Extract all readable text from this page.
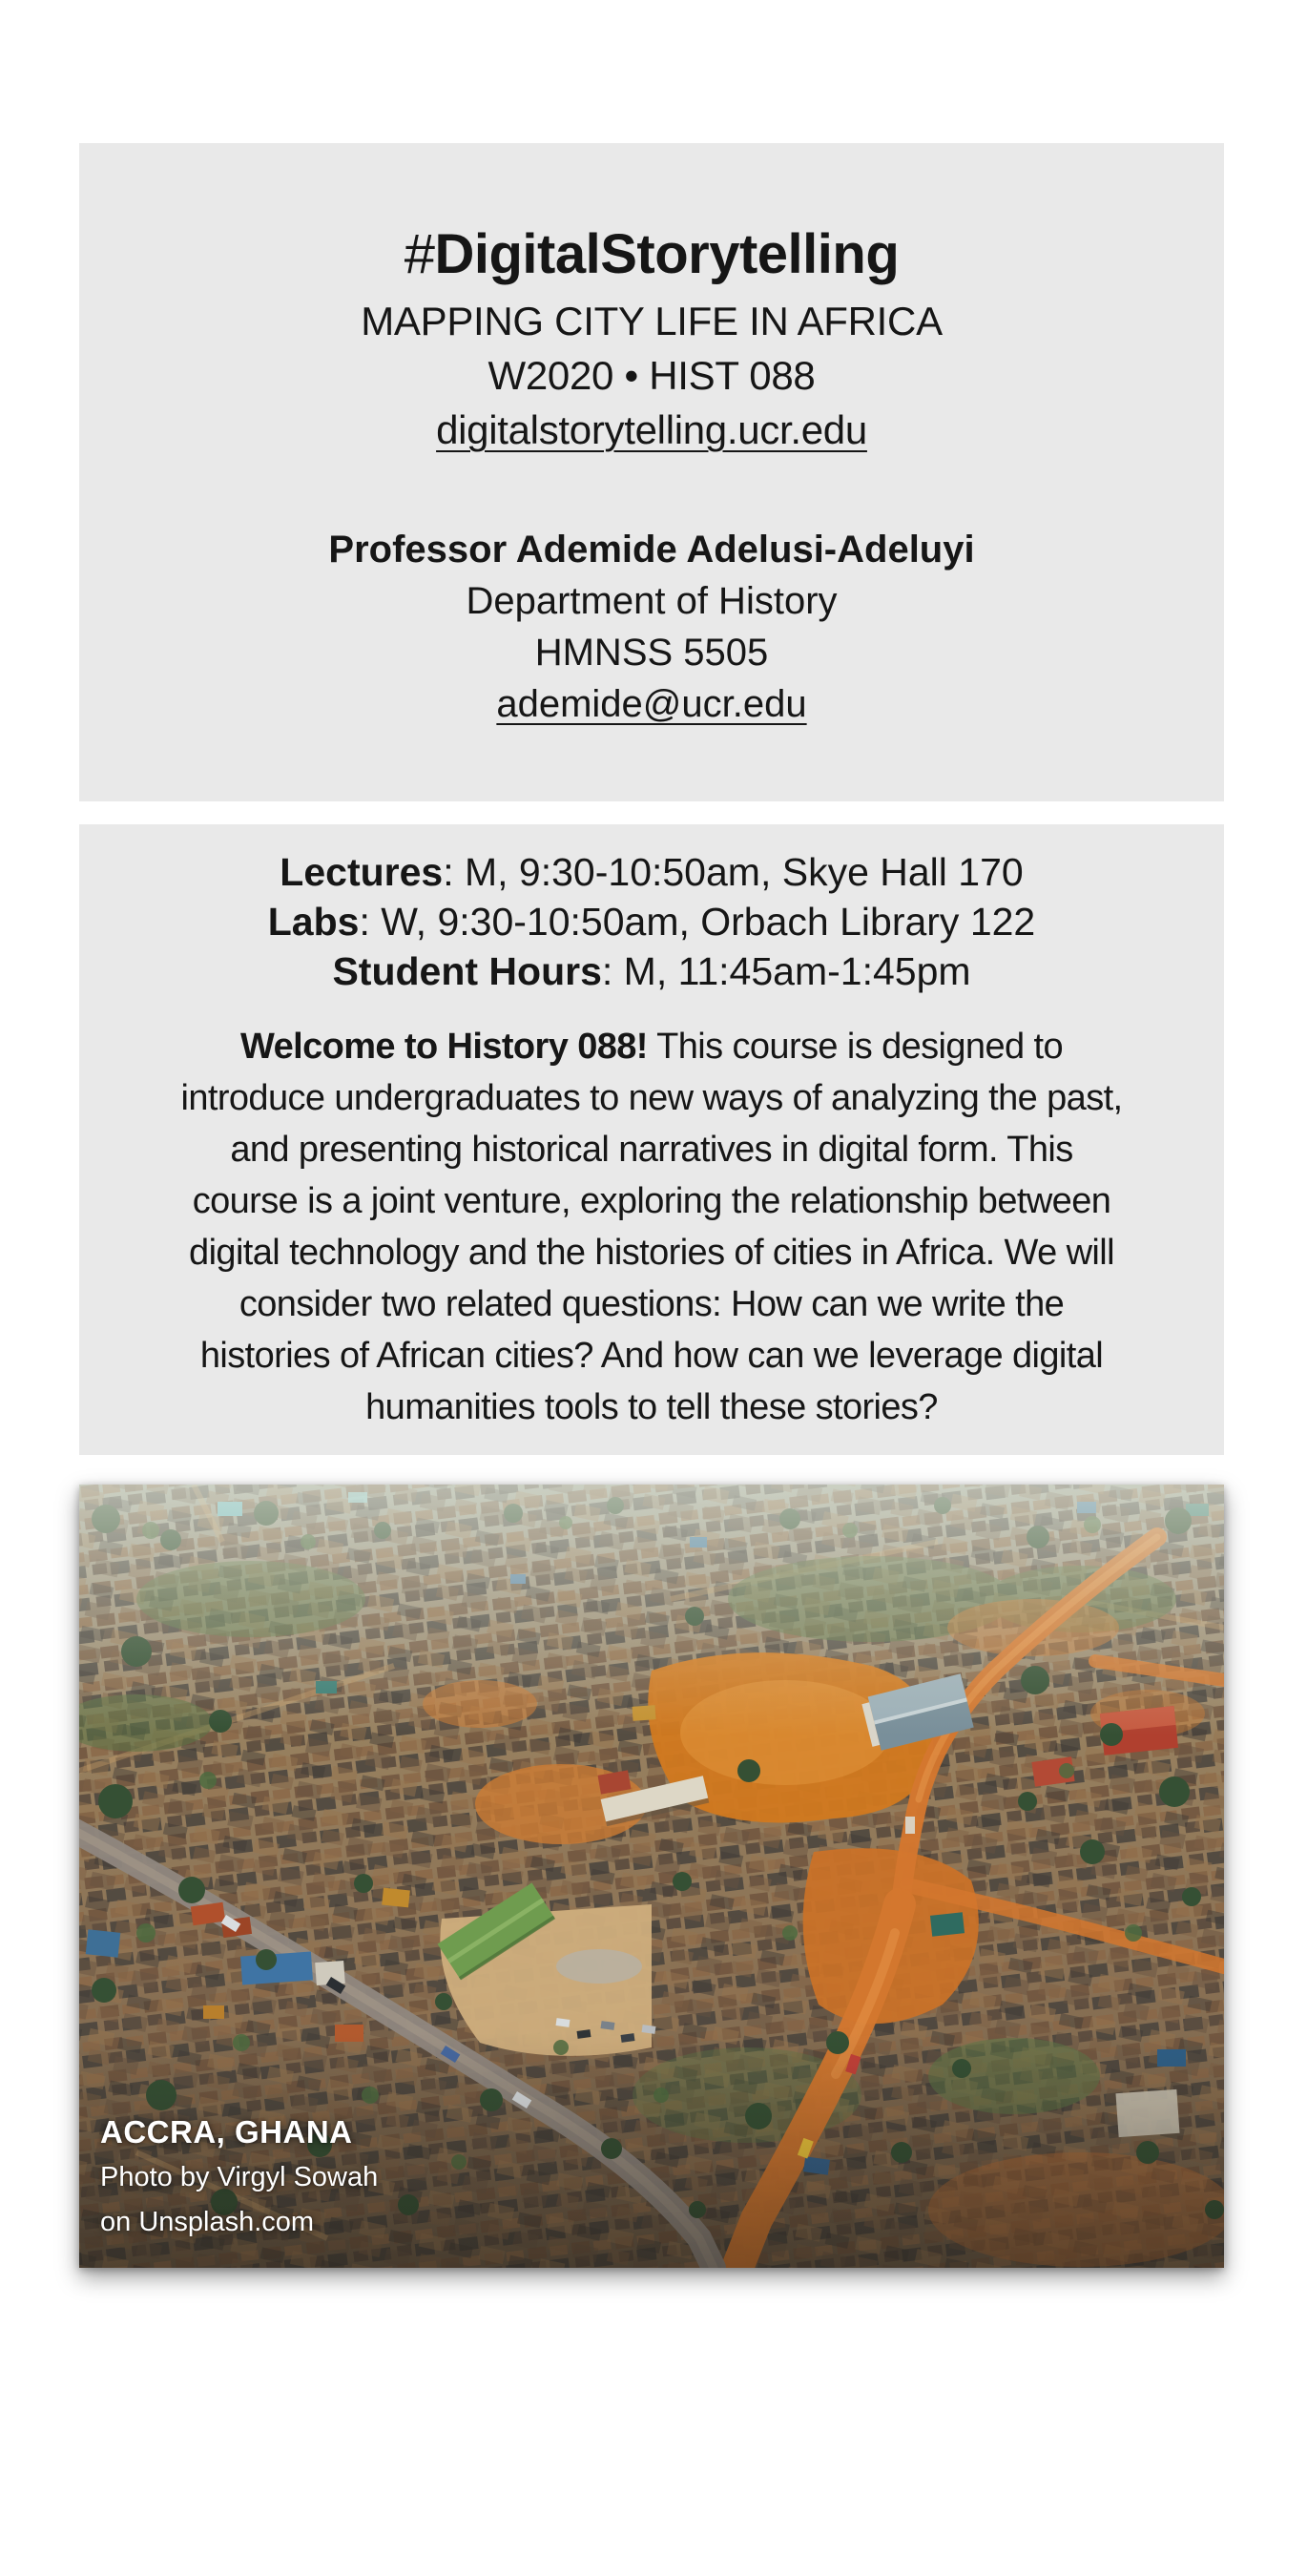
#DigitalStorytelling
MAPPING CITY LIFE IN AFRICA
W2020 • HIST 088
digitalstorytelling.ucr.edu
Professor Ademide Adelusi-Adeluyi
Department of History
HMNSS 5505
ademide@ucr.edu
Lectures: M, 9:30-10:50am, Skye Hall 170
Labs: W, 9:30-10:50am, Orbach Library 122
Student Hours: M, 11:45am-1:45pm
Welcome to History 088! This course is designed to
introduce undergraduates to new ways of analyzing the past,
and presenting historical narratives in digital form. This
course is a joint venture, exploring the relationship between
digital technology and the histories of cities in Africa. We will
consider two related questions: How can we write the
histories of African cities? And how can we leverage digital
humanities tools to tell these stories?
ACCRA, GHANA
Photo by Virgyl Sowah
on Unsplash.com
